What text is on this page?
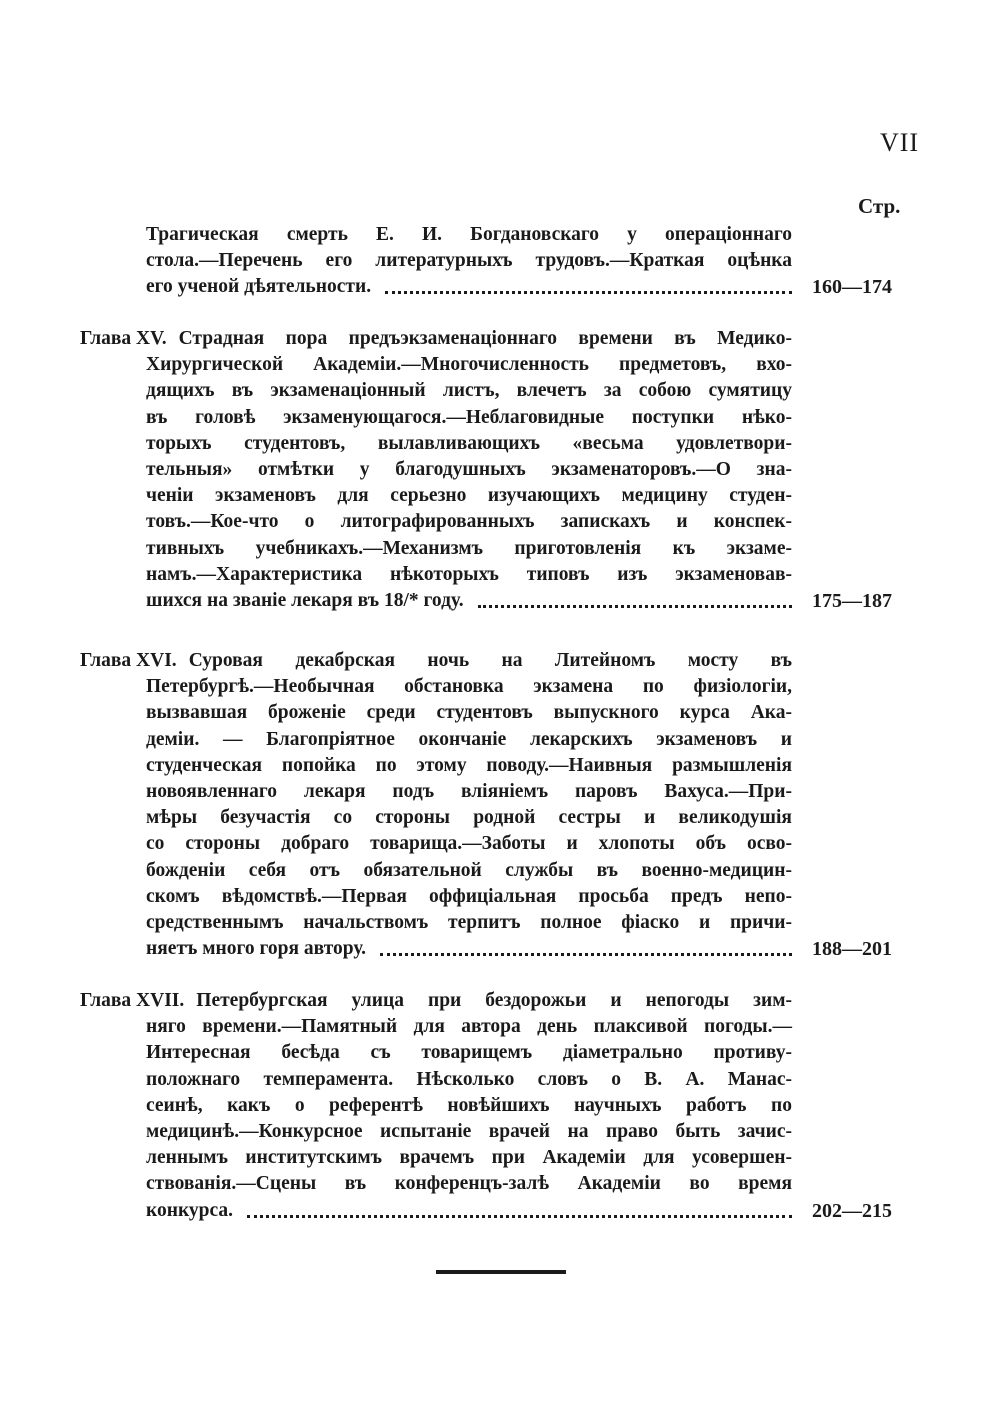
VII
Стр.
Трагическая смерть Е. И. Богдановскаго у операціоннаго
стола.—Перечень его литературныхъ трудовъ.—Краткая оцѣнка
160—174
его ученой дѣятельности.
Глава XV. Страдная пора предъэкзаменаціоннаго времени въ Медико-
Хирургической Академіи.—Многочисленность предметовъ, вхо-
дящихъ въ экзаменаціонный листъ, влечетъ за собою сумятицу
въ головѣ экзаменующагося.—Неблаговидные поступки нѣко-
торыхъ студентовъ, вылавливающихъ «весьма удовлетвори-
тельныя» отмѣтки у благодушныхъ экзаменаторовъ.—О зна-
ченіи экзаменовъ для серьезно изучающихъ медицину студен-
товъ.—Кое-что о литографированныхъ запискахъ и конспек-
тивныхъ учебникахъ.—Механизмъ приготовленія къ экзаме-
намъ.—Характеристика нѣкоторыхъ типовъ изъ экзаменовав-
175—187
шихся на званіе лекаря въ 18/* году.
Глава XVI. Суровая декабрская ночь на Литейномъ мосту въ
Петербургѣ.—Необычная обстановка экзамена по физіологіи,
вызвавшая броженіе среди студентовъ выпускного курса Ака-
деміи. — Благопріятное окончаніе лекарскихъ экзаменовъ и
студенческая попойка по этому поводу.—Наивныя размышленія
новоявленнаго лекаря подъ вліяніемъ паровъ Вахуса.—При-
мѣры безучастія со стороны родной сестры и великодушія
со стороны добраго товарища.—Заботы и хлопоты объ осво-
божденіи себя отъ обязательной службы въ военно-медицин-
скомъ вѣдомствѣ.—Первая оффиціальная просьба предъ непо-
средственнымъ начальствомъ терпитъ полное фіаско и причи-
188—201
няетъ много горя автору.
Глава XVII. Петербургская улица при бездорожьи и непогоды зим-
няго времени.—Памятный для автора день плаксивой погоды.—
Интересная бесѣда съ товарищемъ діаметрально противу-
положнаго темперамента. Нѣсколько словъ о В. А. Манас-
сеинѣ, какъ о референтѣ новѣйшихъ научныхъ работъ по
медицинѣ.—Конкурсное испытаніе врачей на право быть зачис-
леннымъ институтскимъ врачемъ при Академіи для усовершен-
ствованія.—Сцены въ конференцъ-залѣ Академіи во время
202—215
конкурса.
